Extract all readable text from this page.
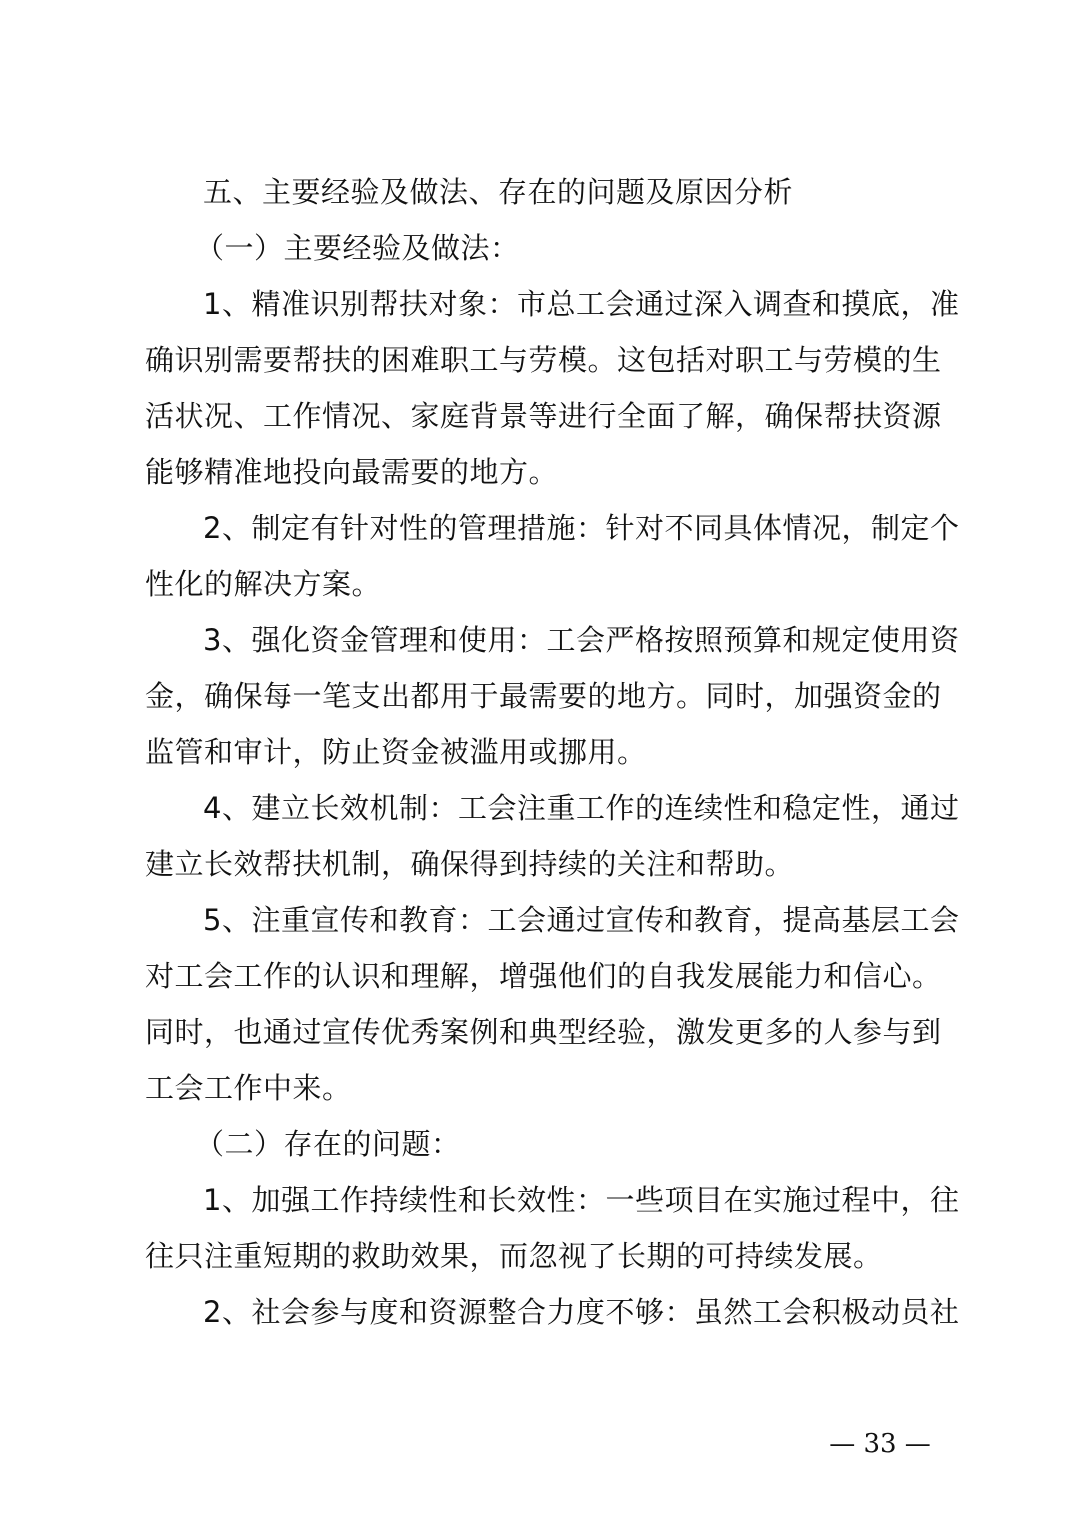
五、主要经验及做法、存在的问题及原因分析
（一）主要经验及做法：
1、精准识别帮扶对象：市总工会通过深入调查和摸底，准
确识别需要帮扶的困难职工与劳模。这包括对职工与劳模的生
活状况、工作情况、家庭背景等进行全面了解，确保帮扶资源
能够精准地投向最需要的地方。
2、制定有针对性的管理措施：针对不同具体情况，制定个
性化的解决方案。
3、强化资金管理和使用：工会严格按照预算和规定使用资
金，确保每一笔支出都用于最需要的地方。同时，加强资金的
监管和审计，防止资金被滥用或挪用。
4、建立长效机制：工会注重工作的连续性和稳定性，通过
建立长效帮扶机制，确保得到持续的关注和帮助。
5、注重宣传和教育：工会通过宣传和教育，提高基层工会
对工会工作的认识和理解，增强他们的自我发展能力和信心。
同时，也通过宣传优秀案例和典型经验，激发更多的人参与到
工会工作中来。
（二）存在的问题：
1、加强工作持续性和长效性：一些项目在实施过程中，往
往只注重短期的救助效果，而忽视了长期的可持续发展。
2、社会参与度和资源整合力度不够：虽然工会积极动员社
— 33 —
